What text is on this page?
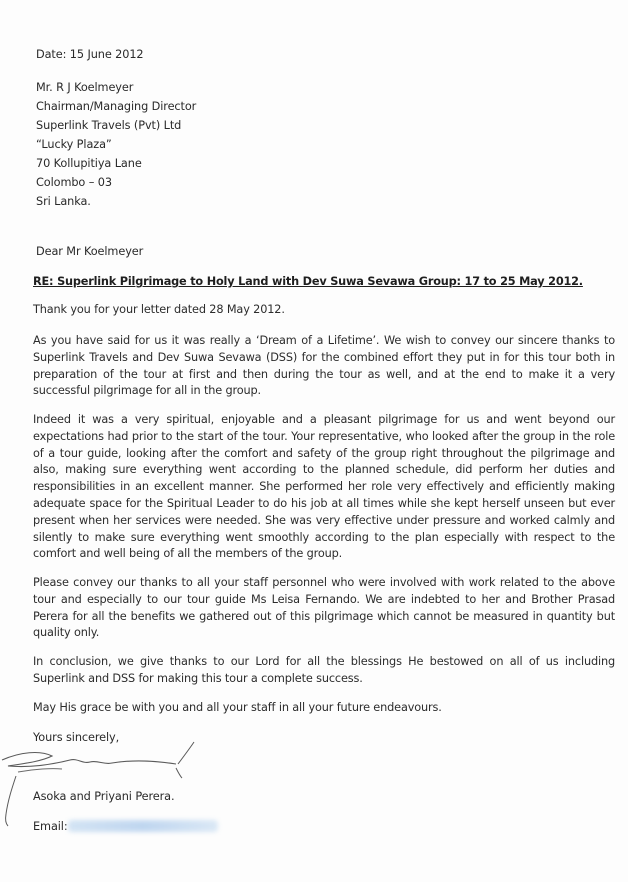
Date: 15 June 2012
Mr. R J Koelmeyer
Chairman/Managing Director
Superlink Travels (Pvt) Ltd
“Lucky Plaza”
70 Kollupitiya Lane
Colombo – 03
Sri Lanka.
Dear Mr Koelmeyer
RE: Superlink Pilgrimage to Holy Land with Dev Suwa Sevawa Group: 17 to 25 May 2012.
Thank you for your letter dated 28 May 2012.
As you have said for us it was really a ‘Dream of a Lifetime’. We wish to convey our sincere thanks to Superlink Travels and Dev Suwa Sevawa (DSS) for the combined effort they put in for this tour both in preparation of the tour at first and then during the tour as well, and at the end to make it a very successful pilgrimage for all in the group.
Indeed it was a very spiritual, enjoyable and a pleasant pilgrimage for us and went beyond our expectations had prior to the start of the tour. Your representative, who looked after the group in the role of a tour guide, looking after the comfort and safety of the group right throughout the pilgrimage and also, making sure everything went according to the planned schedule, did perform her duties and responsibilities in an excellent manner. She performed her role very effectively and efficiently making adequate space for the Spiritual Leader to do his job at all times while she kept herself unseen but ever present when her services were needed. She was very effective under pressure and worked calmly and silently to make sure everything went smoothly according to the plan especially with respect to the comfort and well being of all the members of the group.
Please convey our thanks to all your staff personnel who were involved with work related to the above tour and especially to our tour guide Ms Leisa Fernando. We are indebted to her and Brother Prasad Perera for all the benefits we gathered out of this pilgrimage which cannot be measured in quantity but quality only.
In conclusion, we give thanks to our Lord for all the blessings He bestowed on all of us including Superlink and DSS for making this tour a complete success.
May His grace be with you and all your staff in all your future endeavours.
Yours sincerely,
Asoka and Priyani Perera.
Email:
